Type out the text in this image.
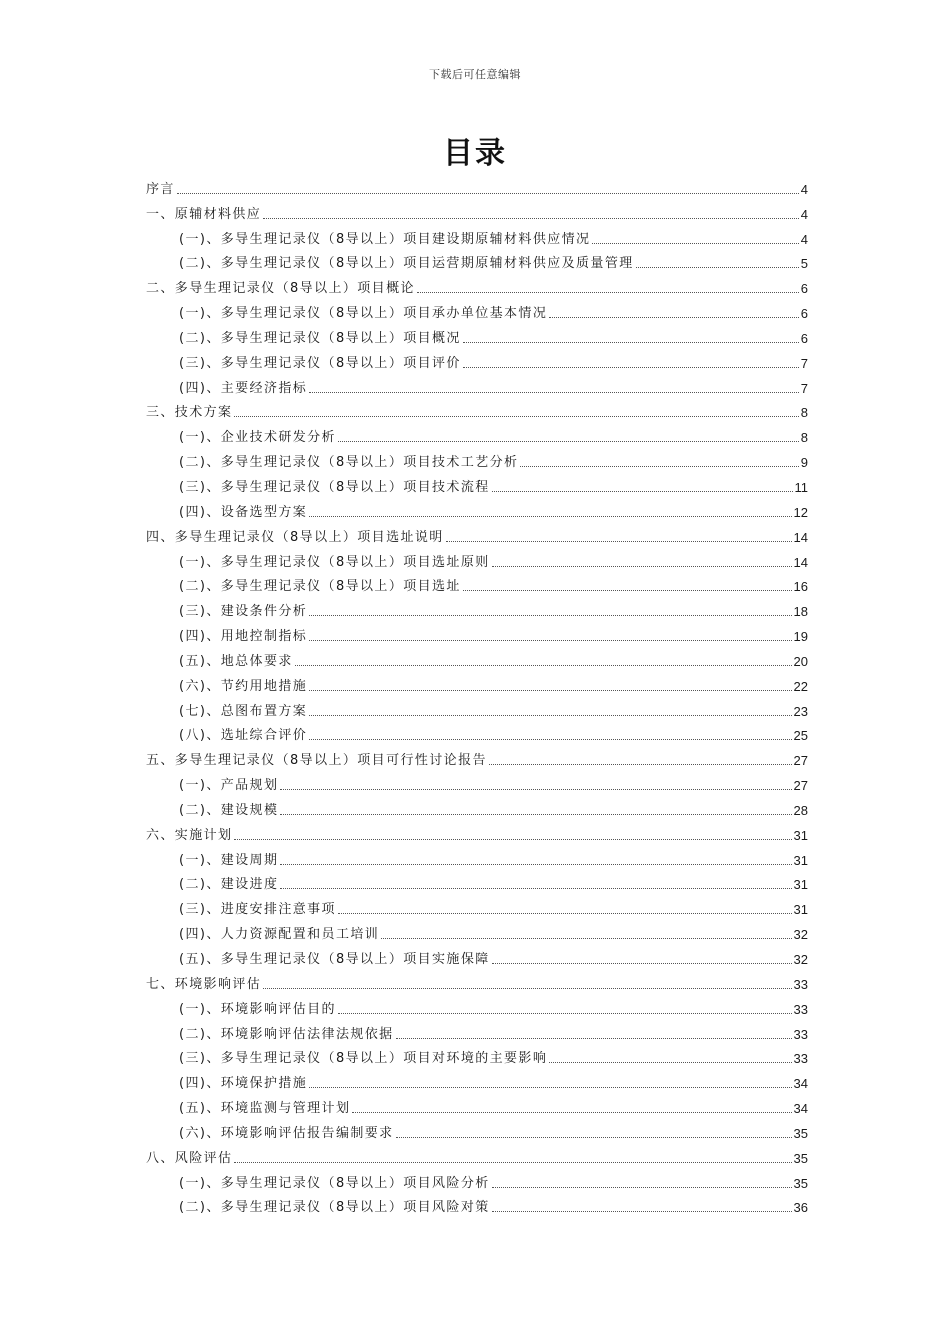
下载后可任意编辑
目录
序言	4
一、原辅材料供应	4
(一)、多导生理记录仪（8导以上）项目建设期原辅材料供应情况	4
(二)、多导生理记录仪（8导以上）项目运营期原辅材料供应及质量管理	5
二、多导生理记录仪（8导以上）项目概论	6
(一)、多导生理记录仪（8导以上）项目承办单位基本情况	6
(二)、多导生理记录仪（8导以上）项目概况	6
(三)、多导生理记录仪（8导以上）项目评价	7
(四)、主要经济指标	7
三、技术方案	8
(一)、企业技术研发分析	8
(二)、多导生理记录仪（8导以上）项目技术工艺分析	9
(三)、多导生理记录仪（8导以上）项目技术流程	11
(四)、设备选型方案	12
四、多导生理记录仪（8导以上）项目选址说明	14
(一)、多导生理记录仪（8导以上）项目选址原则	14
(二)、多导生理记录仪（8导以上）项目选址	16
(三)、建设条件分析	18
(四)、用地控制指标	19
(五)、地总体要求	20
(六)、节约用地措施	22
(七)、总图布置方案	23
(八)、选址综合评价	25
五、多导生理记录仪（8导以上）项目可行性讨论报告	27
(一)、产品规划	27
(二)、建设规模	28
六、实施计划	31
(一)、建设周期	31
(二)、建设进度	31
(三)、进度安排注意事项	31
(四)、人力资源配置和员工培训	32
(五)、多导生理记录仪（8导以上）项目实施保障	32
七、环境影响评估	33
(一)、环境影响评估目的	33
(二)、环境影响评估法律法规依据	33
(三)、多导生理记录仪（8导以上）项目对环境的主要影响	33
(四)、环境保护措施	34
(五)、环境监测与管理计划	34
(六)、环境影响评估报告编制要求	35
八、风险评估	35
(一)、多导生理记录仪（8导以上）项目风险分析	35
(二)、多导生理记录仪（8导以上）项目风险对策	36
